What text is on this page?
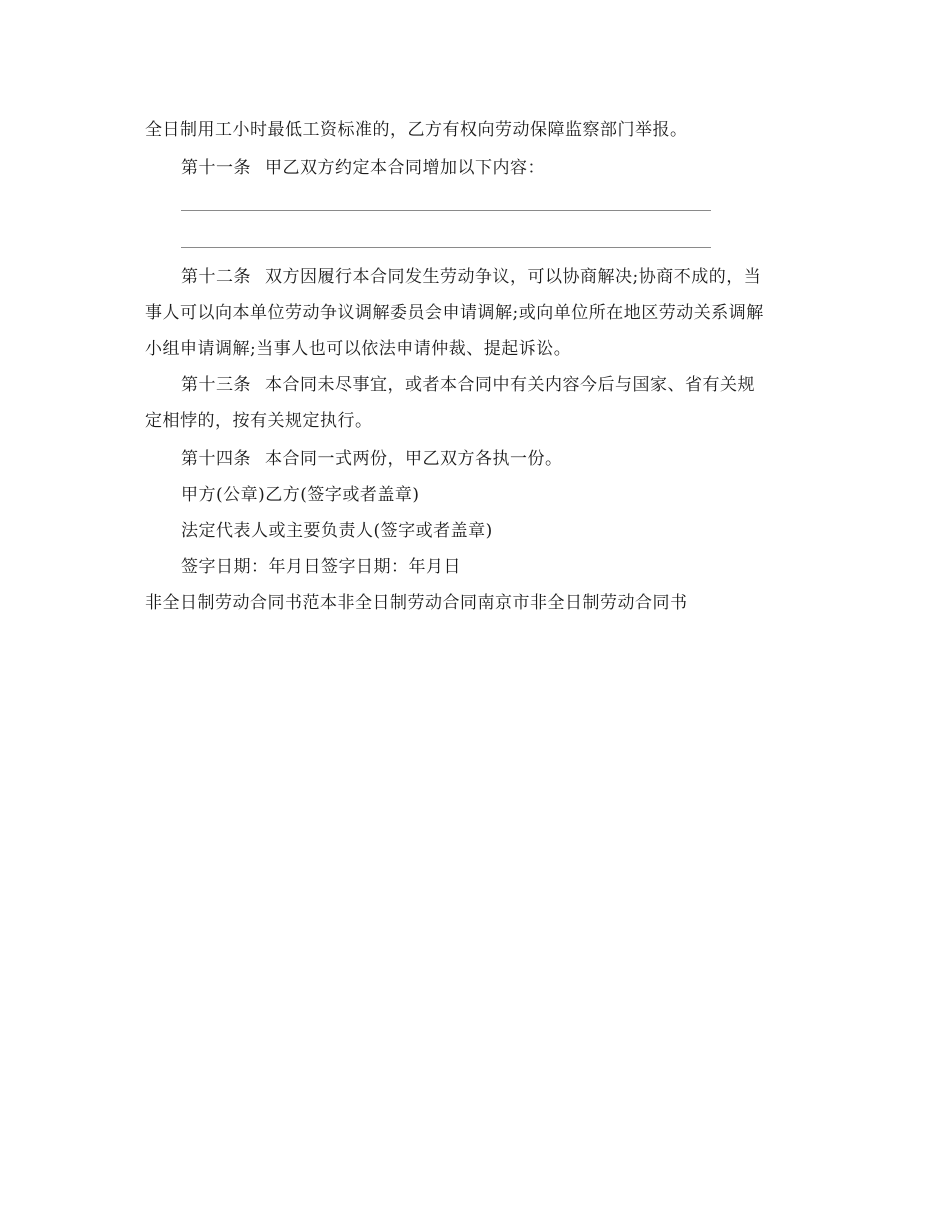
全日制用工小时最低工资标准的，乙方有权向劳动保障监察部门举报。
第十一条 甲乙双方约定本合同增加以下内容：
第十二条 双方因履行本合同发生劳动争议，可以协商解决;协商不成的，当
事人可以向本单位劳动争议调解委员会申请调解;或向单位所在地区劳动关系调解
小组申请调解;当事人也可以依法申请仲裁、提起诉讼。
第十三条 本合同未尽事宜，或者本合同中有关内容今后与国家、省有关规
定相悖的，按有关规定执行。
第十四条 本合同一式两份，甲乙双方各执一份。
甲方(公章)乙方(签字或者盖章)
法定代表人或主要负责人(签字或者盖章)
签字日期：年月日签字日期：年月日
非全日制劳动合同书范本非全日制劳动合同南京市非全日制劳动合同书
